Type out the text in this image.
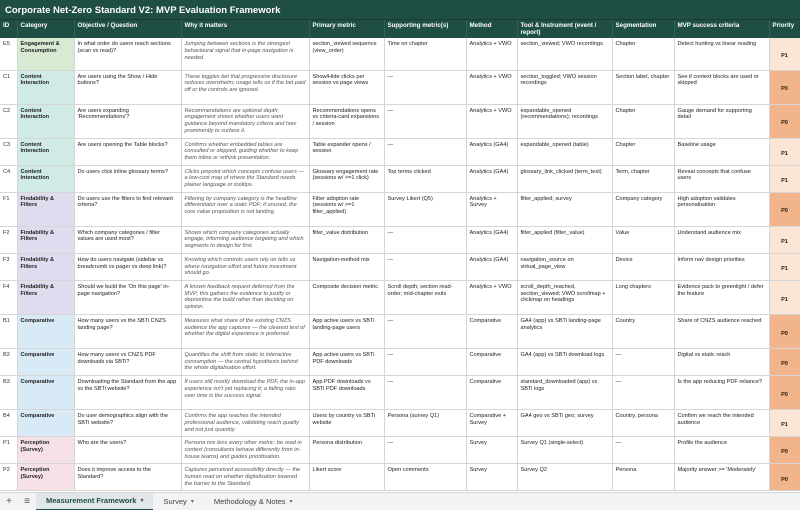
Corporate Net-Zero Standard V2: MVP Evaluation Framework
ID	Category	Objective / Question	Why it matters	Primary metric	Supporting metric(s)	Method	Tool & Instrument (event / report)	Segmentation	MVP success criteria	Priority
E5	Engagement & Consumption	In what order do users reach sections (scan vs read)?	Jumping between sections is the strongest behavioural signal that in-page navigation is needed.	section_viewed sequence (view_order)	Time on chapter	Analytics + VWO	section_viewed; VWO recordings	Chapter	Detect hunting vs linear reading	P1
C1	Content Interaction	Are users using the Show / Hide buttons?	These toggles bet that progressive disclosure reduces overwhelm; usage tells us if the bet paid off or the controls are ignored.	Show/Hide clicks per session vs page views	—	Analytics + VWO	section_toggled; VWO session recordings	Section label, chapter	See if context blocks are used or skipped	P0
C2	Content Interaction	Are users expanding 'Recommendations'?	Recommendations are optional depth; engagement shows whether users want guidance beyond mandatory criteria and how prominently to surface it.	Recommendations opens vs criteria-card expansions / session	—	Analytics + VWO	expandable_opened (recommendations); recordings	Chapter	Gauge demand for supporting detail	P0
C3	Content Interaction	Are users opening the Table blocks?	Confirms whether embedded tables are consulted or skipped, guiding whether to keep them inline or rethink presentation.	Table expander opens / session	—	Analytics (GA4)	expandable_opened (table)	Chapter	Baseline usage	P1
C4	Content Interaction	Do users click inline glossary terms?	Clicks pinpoint which concepts confuse users — a low-cost map of where the Standard needs plainer language or tooltips.	Glossary engagement rate (sessions w/ >=1 click)	Top terms clicked	Analytics (GA4)	glossary_link_clicked (term_text)	Term, chapter	Reveal concepts that confuse users	P1
F1	Findability & Filters	Do users use the filters to find relevant criteria?	Filtering by company category is the headline differentiator over a static PDF; if unused, the core value proposition is not landing.	Filter adoption rate (sessions w/ >=1 filter_applied)	Survey Likert (Q5)	Analytics + Survey	filter_applied; survey	Company category	High adoption validates personalisation	P0
F2	Findability & Filters	Which company categories / filter values are used most?	Shows which company categories actually engage, informing audience targeting and which segments to design for first.	filter_value distribution	—	Analytics (GA4)	filter_applied (filter_value)	Value	Understand audience mix	P1
F3	Findability & Filters	How do users navigate (sidebar vs breadcrumb vs pager vs deep link)?	Knowing which controls users rely on tells us where navigation effort and future investment should go.	Navigation-method mix	—	Analytics (GA4)	navigation_source on virtual_page_view	Device	Inform nav design priorities	P1
F4	Findability & Filters	Should we build the 'On this page' in-page navigation?	A known feedback request deferred from the MVP; this gathers the evidence to justify or deprioritise the build rather than deciding on opinion.	Composite decision metric	Scroll depth; section read-order; mid-chapter exits	Analytics + VWO	scroll_depth_reached, section_viewed; VWO scrollmap + clickmap on headings	Long chapters	Evidence pack to greenlight / defer the feature	P1
B1	Comparative	How many users vs the SBTi CNZS landing page?	Measures what share of the existing CNZS audience the app captures — the clearest test of whether the digital experience is preferred.	App active users vs SBTi landing-page users	—	Comparative	GA4 (app) vs SBTi landing-page analytics	Country	Share of CNZS audience reached	P0
B2	Comparative	How many users vs CNZS PDF downloads via SBTi?	Quantifies the shift from static to interactive consumption — the central hypothesis behind the whole digitalisation effort.	App active users vs SBTi PDF downloads	—	Comparative	GA4 (app) vs SBTi download logs	—	Digital vs static reach	P0
B3	Comparative	Downloading the Standard from the app vs the SBTi website?	If users still mostly download the PDF, the in-app experience isn't yet replacing it; a falling ratio over time is the success signal.	App PDF downloads vs SBTi PDF downloads	—	Comparative	standard_downloaded (app) vs SBTi logs	—	Is the app reducing PDF reliance?	P0
B4	Comparative	Do user demographics align with the SBTi website?	Confirms the app reaches the intended professional audience, validating reach quality and not just quantity.	Users by country vs SBTi website	Persona (survey Q1)	Comparative + Survey	GA4 geo vs SBTi geo; survey	Country, persona	Confirm we reach the intended audience	P1
P1	Perception (Survey)	Who are the users?	Persona mix lens every other metric: be read in context (consultants behave differently from in-house teams) and guides prioritisation.	Persona distribution	—	Survey	Survey Q1 (single-select)	—	Profile the audience	P0
P2	Perception (Survey)	Does it improve access to the Standard?	Captures perceived accessibility directly — the human read on whether digitalisation lowered the barrier to the Standard.	Likert score	Open comments	Survey	Survey Q2	Persona	Majority answer >= 'Moderately'	P0
+	≡	Measurement Framework ▾	Survey ▾	Methodology & Notes ▾
